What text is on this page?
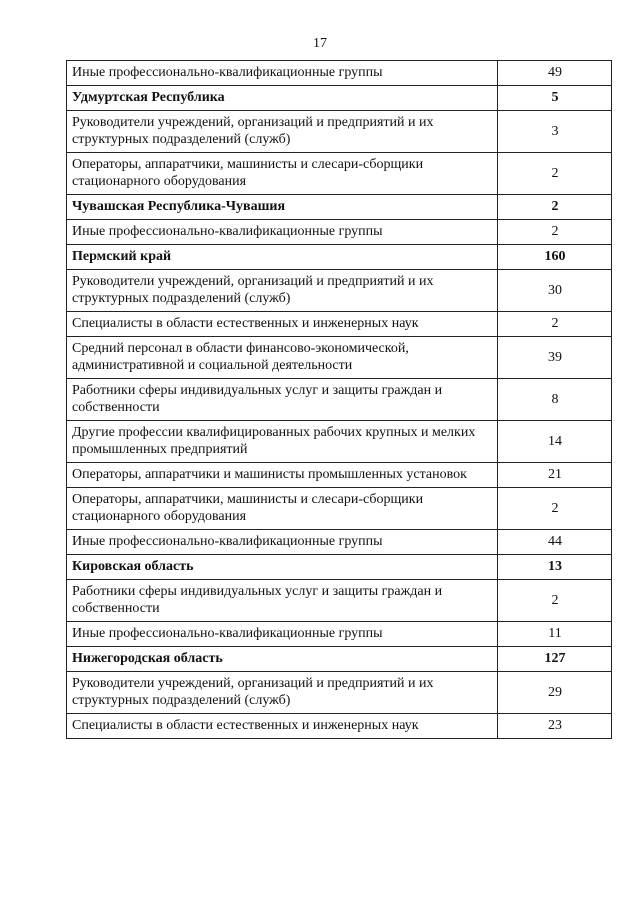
17
Иные профессионально-квалификационные группы	49
Удмуртская Республика	5
Руководители учреждений, организаций и предприятий и их структурных подразделений (служб)	3
Операторы, аппаратчики, машинисты и слесари-сборщики стационарного оборудования	2
Чувашская Республика-Чувашия	2
Иные профессионально-квалификационные группы	2
Пермский край	160
Руководители учреждений, организаций и предприятий и их структурных подразделений (служб)	30
Специалисты в области естественных и инженерных наук	2
Средний персонал в области финансово-экономической, административной и социальной деятельности	39
Работники сферы индивидуальных услуг и защиты граждан и собственности	8
Другие профессии квалифицированных рабочих крупных и мелких промышленных предприятий	14
Операторы, аппаратчики и машинисты промышленных установок	21
Операторы, аппаратчики, машинисты и слесари-сборщики стационарного оборудования	2
Иные профессионально-квалификационные группы	44
Кировская область	13
Работники сферы индивидуальных услуг и защиты граждан и собственности	2
Иные профессионально-квалификационные группы	11
Нижегородская область	127
Руководители учреждений, организаций и предприятий и их структурных подразделений (служб)	29
Специалисты в области естественных и инженерных наук	23
